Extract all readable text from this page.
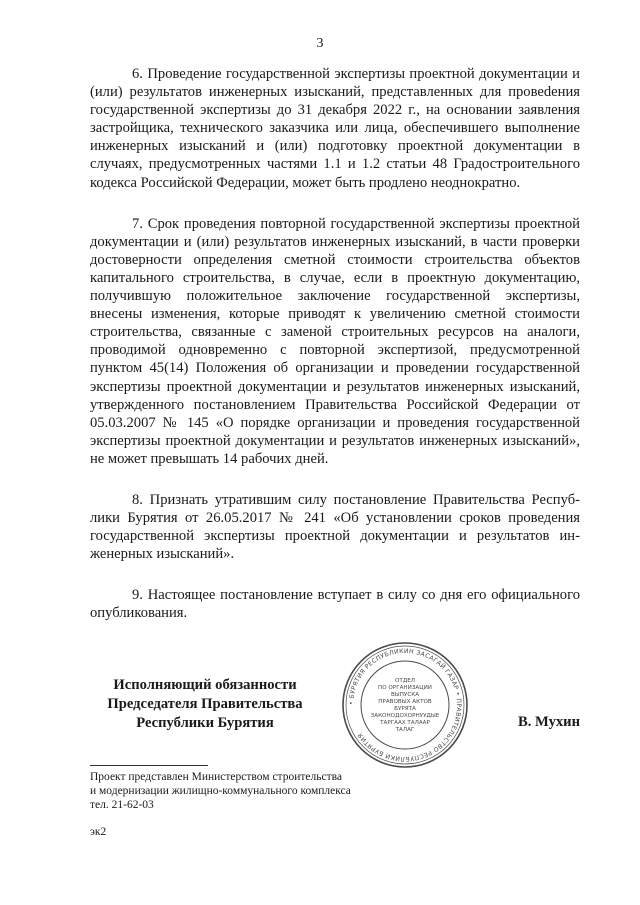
3

6. Проведение государственной экспертизы проектной документации и (или) результатов инженерных изысканий, представленных для провеdения государственной экспертизы до 31 декабря 2022 г., на основании заявления застройщика, технического заказчика или лица, обеспечившего выполнение инженерных изысканий и (или) подготовку проектной документации в случаях, предусмотренных частями 1.1 и 1.2 статьи 48 Градостроительного кодекса Российской Федерации, может быть продлено неоднократно.

7. Срок проведения повторной государственной экспертизы проектной документации и (или) результатов инженерных изысканий, в части проверки достоверности определения сметной стоимости строительства объектов капитального строительства, в случае, если в проектную документацию, получившую положительное заключение государственной экспертизы, внесены изменения, которые приводят к увеличению сметной стоимости строительства, связанные с заменой строительных ресурсов на аналоги, проводимой одновременно с повторной экспертизой, предусмотренной пунктом 45(14) Положения об организации и проведении государственной экспертизы проектной документации и результатов инженерных изысканий, утвержденного постановлением Правительства Российской Федерации от 05.03.2007 № 145 «О порядке организации и проведения государственной экспертизы проектной документации и результатов инженерных изысканий», не может превышать 14 рабочих дней.

8. Признать утратившим силу постановление Правительства Республики Бурятия от 26.05.2017 № 241 «Об установлении сроков проведения государственной экспертизы проектной документации и результатов инженерных изысканий».

9. Настоящее постановление вступает в силу со дня его официального опубликования.

Исполняющий обязанности
Председателя Правительства
Республики Бурятия	В. Мухин
• БУРЯТИЯ РЕСПУБЛИКИН ЗАСАГАЙ ГАЗАР • ПРАВИТЕЛЬСТВО РЕСПУБЛИКИ БУРЯТИЯ
ОТДЕЛ
ПО ОРГАНИЗАЦИИ
ВЫПУСКА
ПРАВОВЫХ АКТОВ
БУРЯТА
ЗАКОНОДОХОРНУУДЫЕ
ТАРГААХ ТАЛААР
ТАЛАГ
Проект представлен Министерством строительства
и модернизации жилищно-коммунального комплекса
тел. 21-62-03
эк2
